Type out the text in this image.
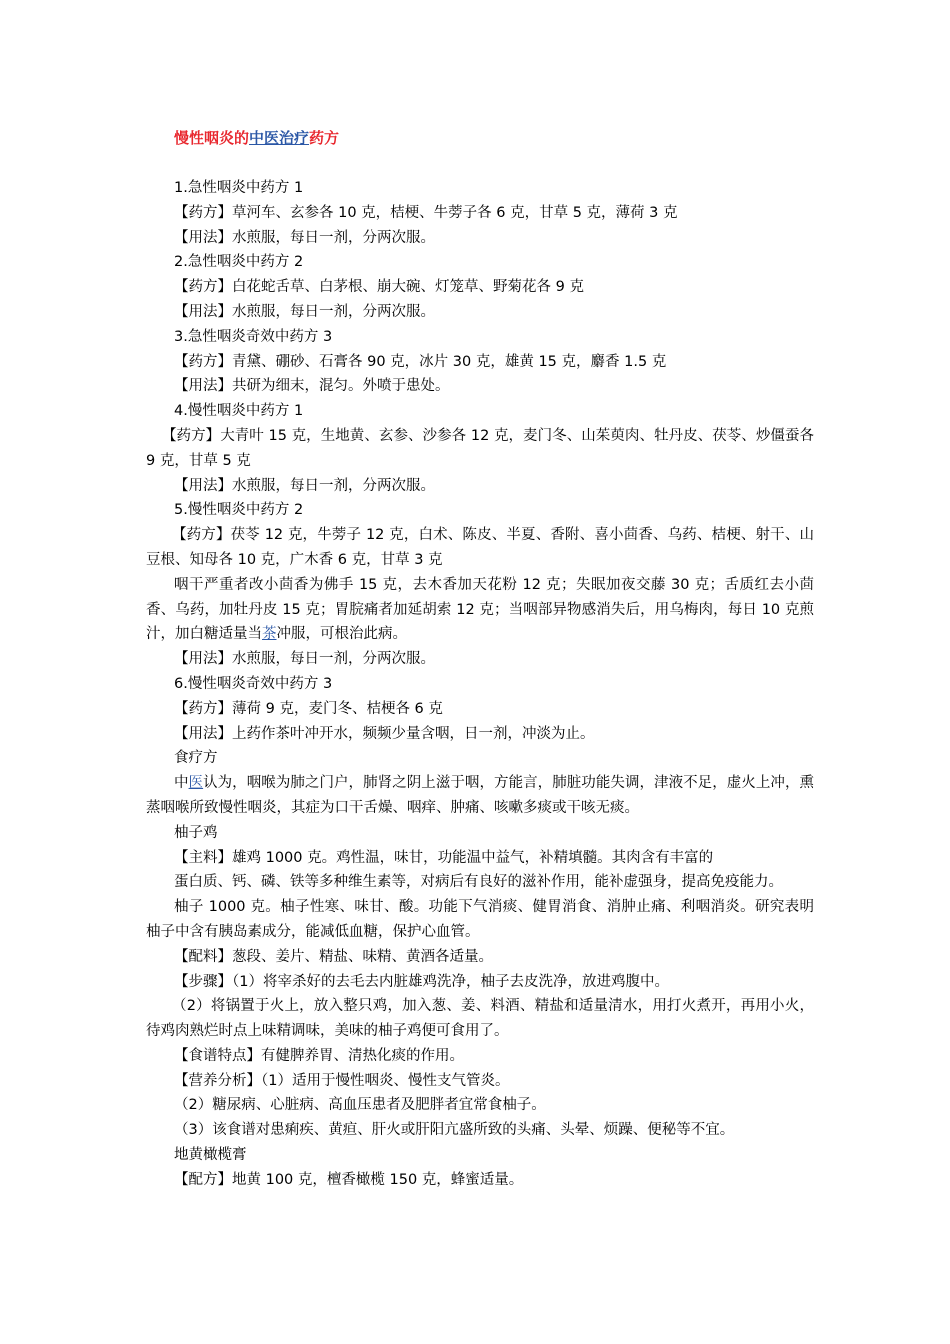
慢性咽炎的中医治疗药方

1.急性咽炎中药方 1

【药方】草河车、玄参各 10 克，桔梗、牛蒡子各 6 克，甘草 5 克，薄荷 3 克

【用法】水煎服，每日一剂，分两次服。

2.急性咽炎中药方 2

【药方】白花蛇舌草、白茅根、崩大碗、灯笼草、野菊花各 9 克

【用法】水煎服，每日一剂，分两次服。

3.急性咽炎奇效中药方 3

【药方】青黛、硼砂、石膏各 90 克，冰片 30 克，雄黄 15 克，麝香 1.5 克

【用法】共研为细末，混匀。外喷于患处。

4.慢性咽炎中药方 1

【药方】大青叶 15 克，生地黄、玄参、沙参各 12 克，麦门冬、山茱萸肉、牡丹皮、茯苓、炒僵蚕各 9 克，甘草 5 克

【用法】水煎服，每日一剂，分两次服。

5.慢性咽炎中药方 2

【药方】茯苓 12 克，牛蒡子 12 克，白术、陈皮、半夏、香附、喜小茴香、乌药、桔梗、射干、山豆根、知母各 10 克，广木香 6 克，甘草 3 克

咽干严重者改小茴香为佛手 15 克，去木香加天花粉 12 克；失眠加夜交藤 30 克；舌质红去小茴香、乌药，加牡丹皮 15 克；胃脘痛者加延胡索 12 克；当咽部异物感消失后，用乌梅肉，每日 10 克煎汁，加白糖适量当茶冲服，可根治此病。

【用法】水煎服，每日一剂，分两次服。

6.慢性咽炎奇效中药方 3

【药方】薄荷 9 克，麦门冬、桔梗各 6 克

【用法】上药作茶叶冲开水，频频少量含咽，日一剂，冲淡为止。

食疗方

中医认为，咽喉为肺之门户，肺肾之阴上滋于咽，方能言，肺脏功能失调，津液不足，虚火上冲，熏蒸咽喉所致慢性咽炎，其症为口干舌燥、咽痒、肿痛、咳嗽多痰或干咳无痰。

柚子鸡

【主料】雄鸡 1000 克。鸡性温，味甘，功能温中益气，补精填髓。其肉含有丰富的

蛋白质、钙、磷、铁等多种维生素等，对病后有良好的滋补作用，能补虚强身，提高免疫能力。

柚子 1000 克。柚子性寒、味甘、酸。功能下气消痰、健胃消食、消肿止痛、利咽消炎。研究表明柚子中含有胰岛素成分，能减低血糖，保护心血管。

【配料】葱段、姜片、精盐、味精、黄酒各适量。

【步骤】（1）将宰杀好的去毛去内脏雄鸡洗净，柚子去皮洗净，放进鸡腹中。

（2）将锅置于火上，放入整只鸡，加入葱、姜、料酒、精盐和适量清水，用打火煮开，再用小火，待鸡肉熟烂时点上味精调味，美味的柚子鸡便可食用了。

【食谱特点】有健脾养胃、清热化痰的作用。

【营养分析】（1）适用于慢性咽炎、慢性支气管炎。

（2）糖尿病、心脏病、高血压患者及肥胖者宜常食柚子。

（3）该食谱对患痢疾、黄疸、肝火或肝阳亢盛所致的头痛、头晕、烦躁、便秘等不宜。

地黄橄榄膏

【配方】地黄 100 克，檀香橄榄 150 克，蜂蜜适量。
